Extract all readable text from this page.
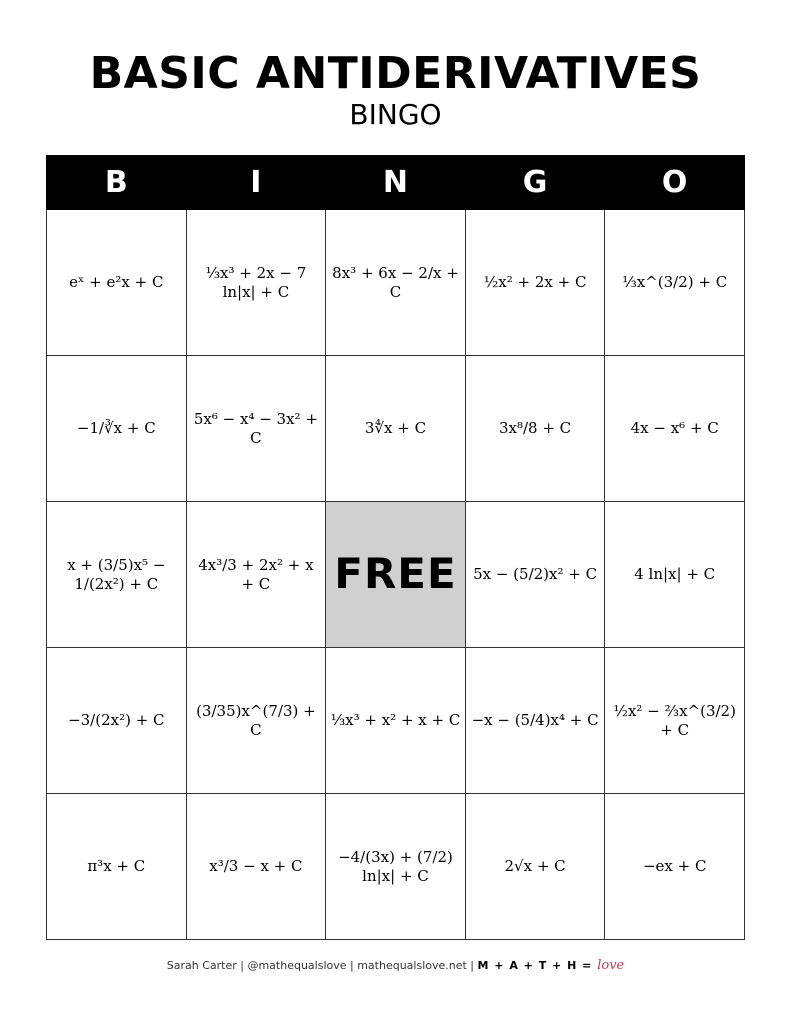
BASIC ANTIDERIVATIVES
BINGO
B	I	N	G	O
eˣ + e²x + C	⅓x³ + 2x − 7 ln|x| + C	8x³ + 6x − 2/x + C	½x² + 2x + C	⅓x^(3/2) + C
−1/∛x + C	5x⁶ − x⁴ − 3x² + C	3∜x + C	3x⁸/8 + C	4x − x⁶ + C
x + (3/5)x⁵ − 1/(2x²) + C	4x³/3 + 2x² + x + C	FREE	5x − (5/2)x² + C	4 ln|x| + C
−3/(2x²) + C	(3/35)x^(7/3) + C	⅓x³ + x² + x + C	−x − (5/4)x⁴ + C	½x² − ⅔x^(3/2) + C
π³x + C	x³/3 − x + C	−4/(3x) + (7/2) ln|x| + C	2√x + C	−ex + C
Sarah Carter | @mathequalslove | mathequalslove.net | M + A + T + H = love
